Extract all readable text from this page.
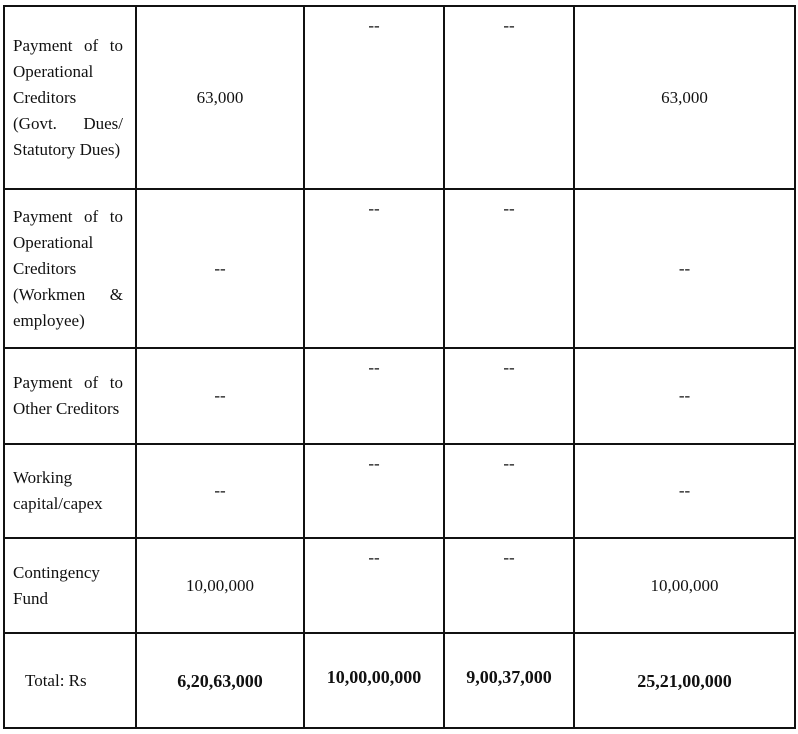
Payment of to Operational Creditors (Govt. Dues/ Statutory Dues)	63,000	--	--	63,000
Payment of to Operational Creditors (Workmen & employee)	--	--	--	--
Payment of to Other Creditors	--	--	--	--
Working capital/capex	--	--	--	--
Contingency Fund	10,00,000	--	--	10,00,000
Total: Rs	6,20,63,000	10,00,00,000	9,00,37,000	25,21,00,000
